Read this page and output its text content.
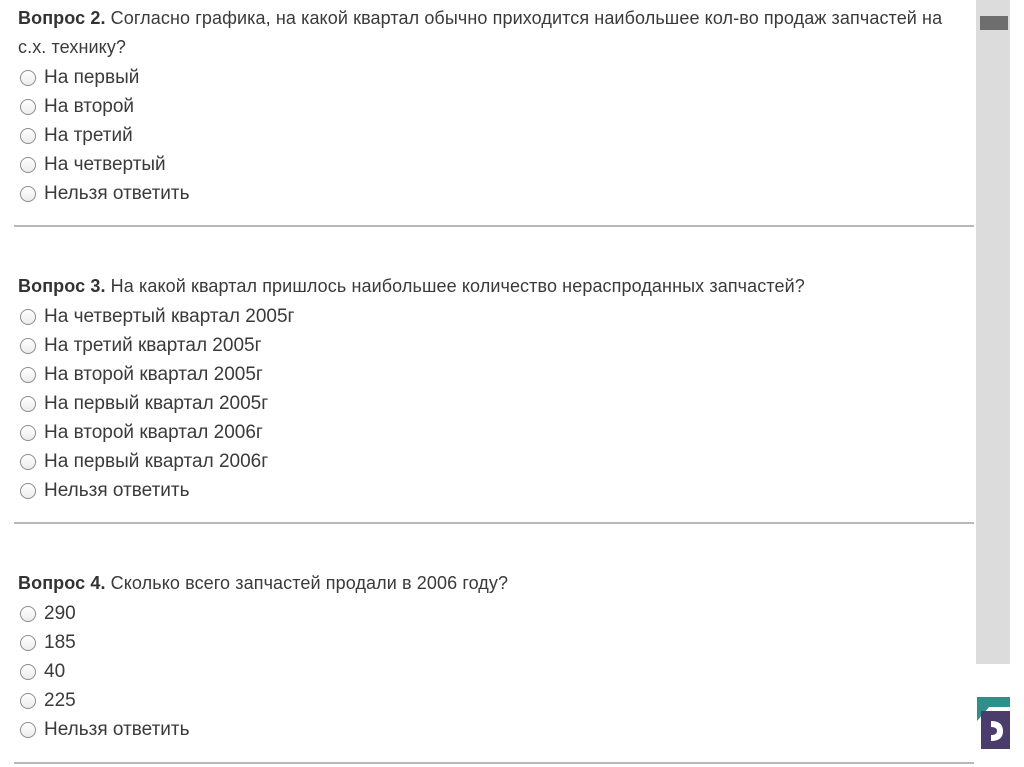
Вопрос 2. Согласно графика, на какой квартал обычно приходится наибольшее кол-во продаж запчастей на с.х. технику?
На первый
На второй
На третий
На четвертый
Нельзя ответить
Вопрос 3. На какой квартал пришлось наибольшее количество нераспроданных запчастей?
На четвертый квартал 2005г
На третий квартал 2005г
На второй квартал 2005г
На первый квартал 2005г
На второй квартал 2006г
На первый квартал 2006г
Нельзя ответить
Вопрос 4. Сколько всего запчастей продали в 2006 году?
290
185
40
225
Нельзя ответить
